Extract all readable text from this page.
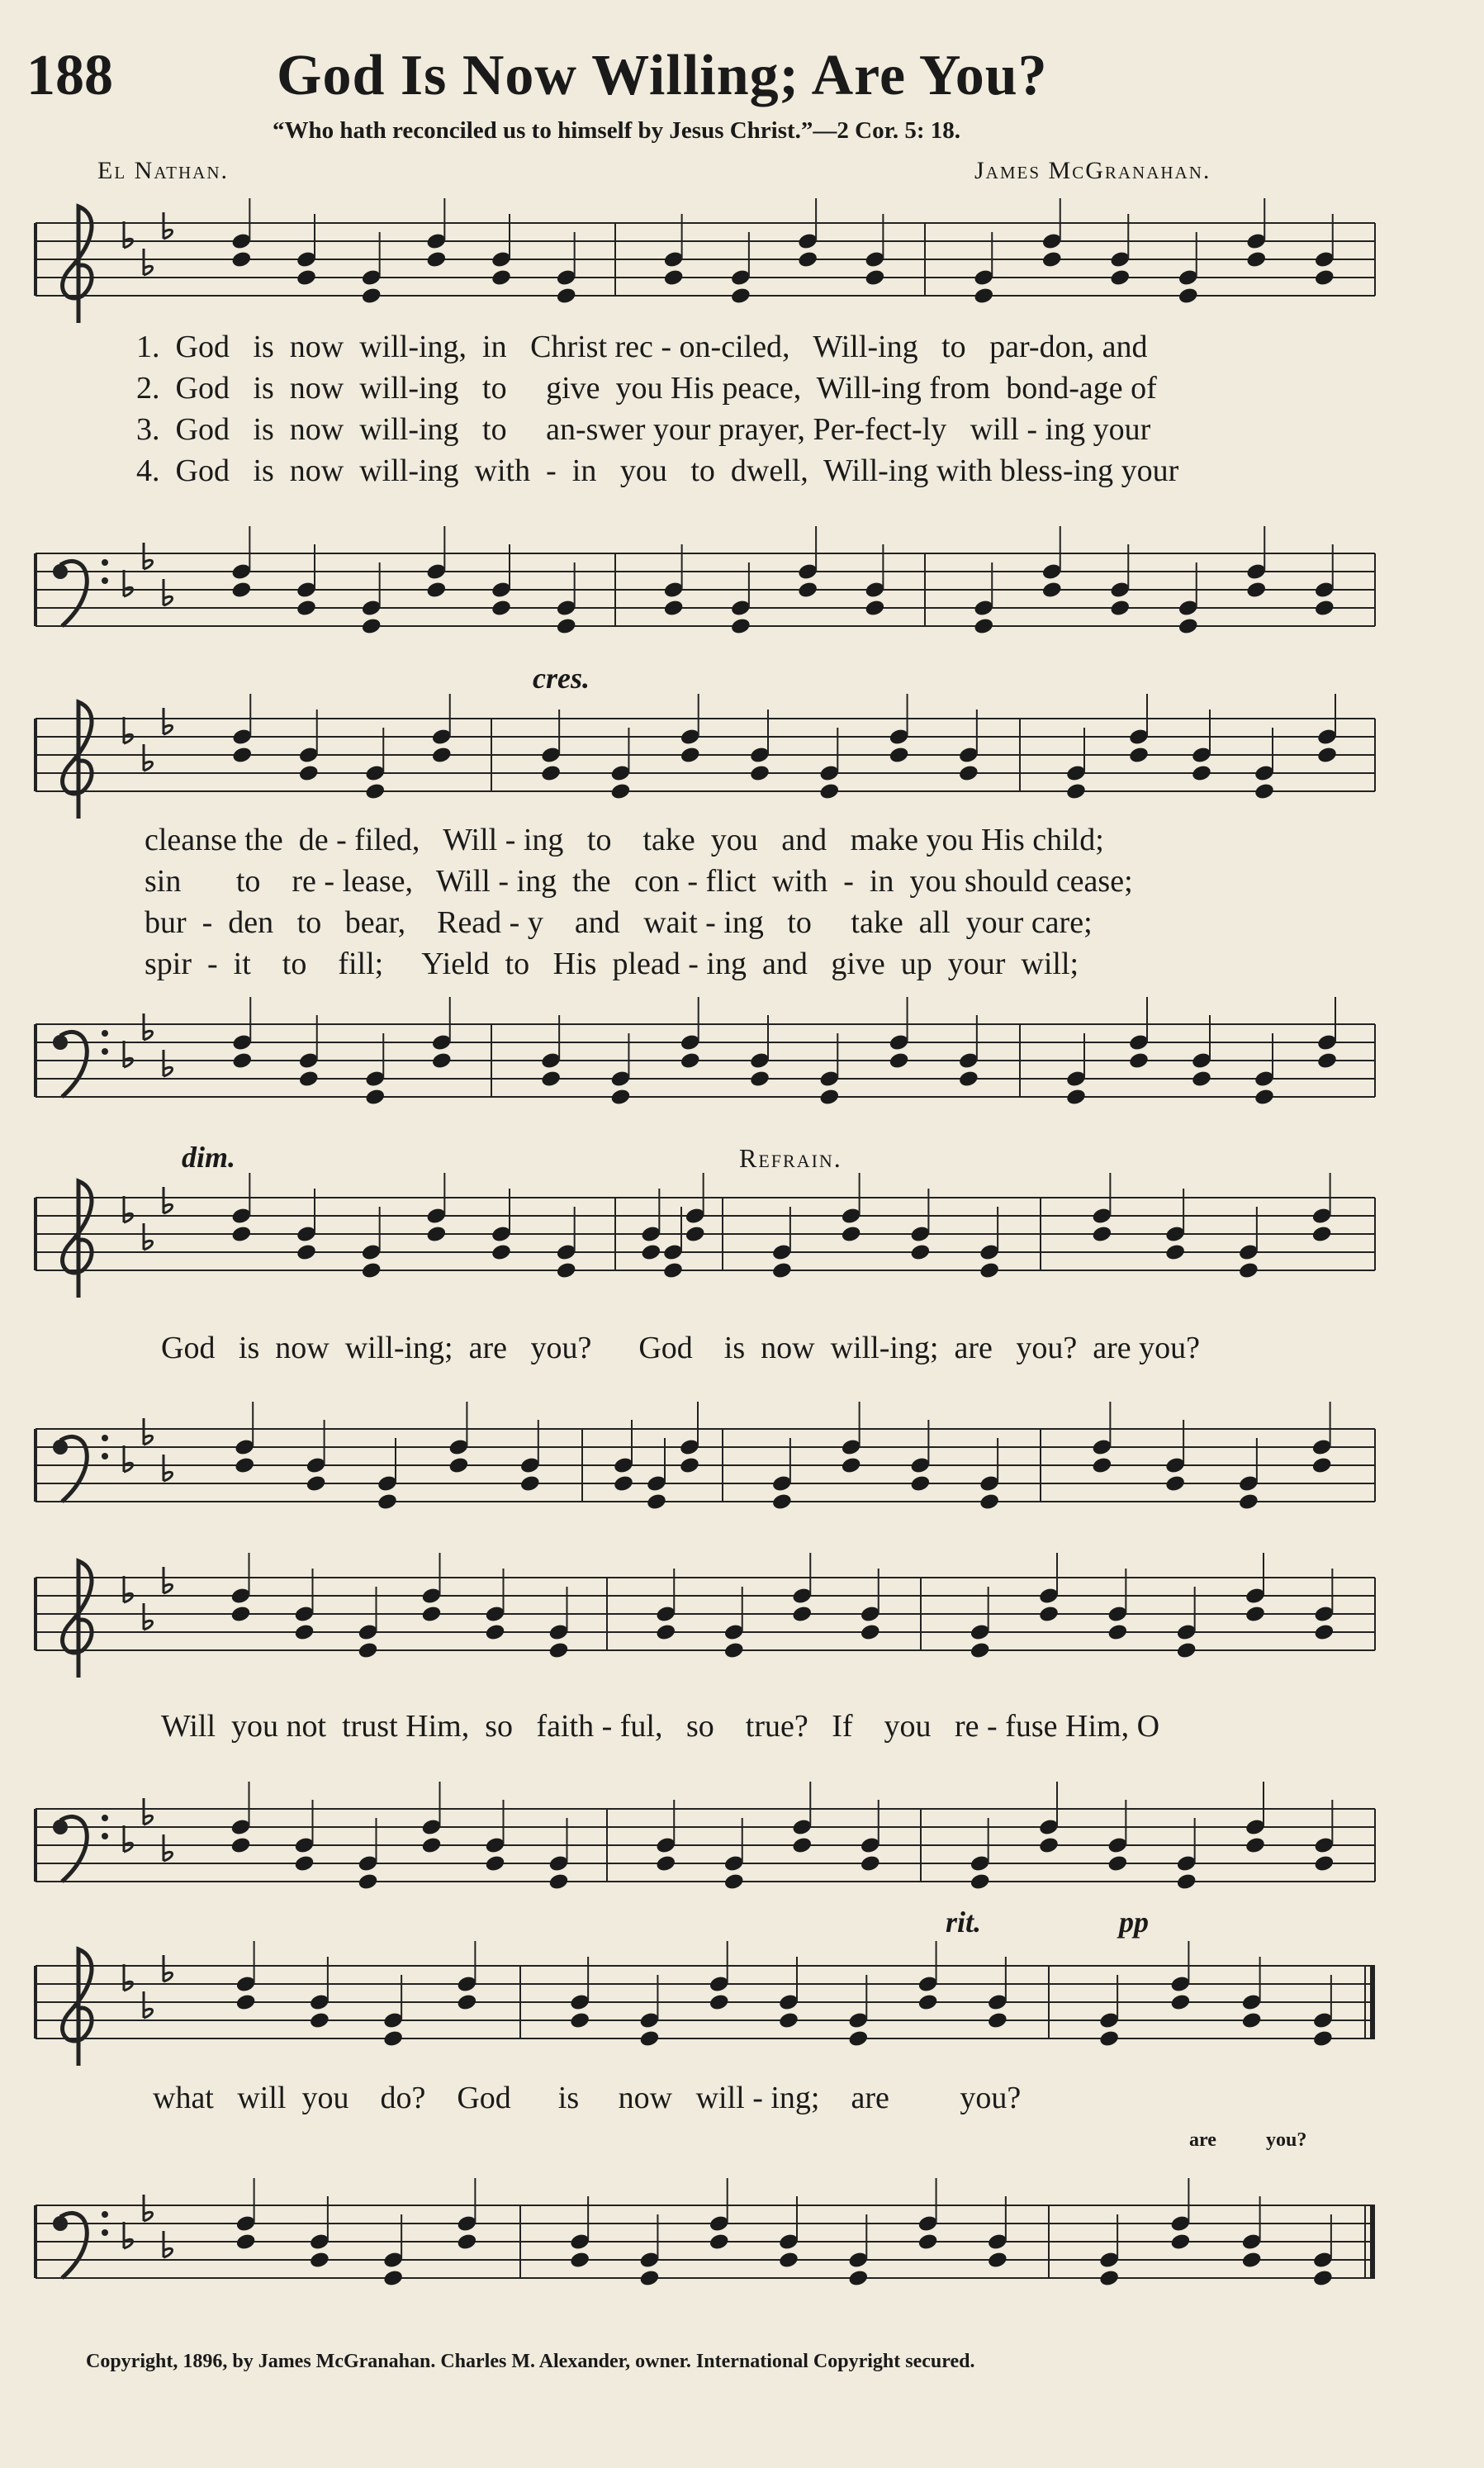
188	God Is Now Willing; Are You?
“Who hath reconciled us to himself by Jesus Christ.”—2 Cor. 5: 18.
El Nathan.	James McGranahan.
1.  God   is  now  will-ing,  in   Christ rec - on-ciled,   Will-ing   to   par-don, and
2.  God   is  now  will-ing   to     give  you His peace,  Will-ing from  bond-age of
3.  God   is  now  will-ing   to     an-swer your prayer, Per-fect-ly   will - ing your
4.  God   is  now  will-ing  with  -  in   you   to  dwell,  Will-ing with bless-ing your
cres.
cleanse the  de - filed,   Will - ing   to    take  you   and   make you His child;
sin       to    re - lease,   Will - ing  the   con - flict  with  -  in  you should cease;
bur  -  den   to   bear,    Read - y    and   wait - ing   to     take  all  your care;
spir  -  it    to    fill;     Yield  to   His  plead - ing  and   give  up  your  will;
dim.	Refrain.
God   is  now  will-ing;  are   you?      God    is  now  will-ing;  are   you?  are you?
Will  you not  trust Him,  so   faith - ful,   so    true?   If    you   re - fuse Him, O
rit.	pp
what   will  you    do?    God      is     now   will - ing;    are         you?
are	you?
Copyright, 1896, by James McGranahan. Charles M. Alexander, owner. International Copyright secured.
